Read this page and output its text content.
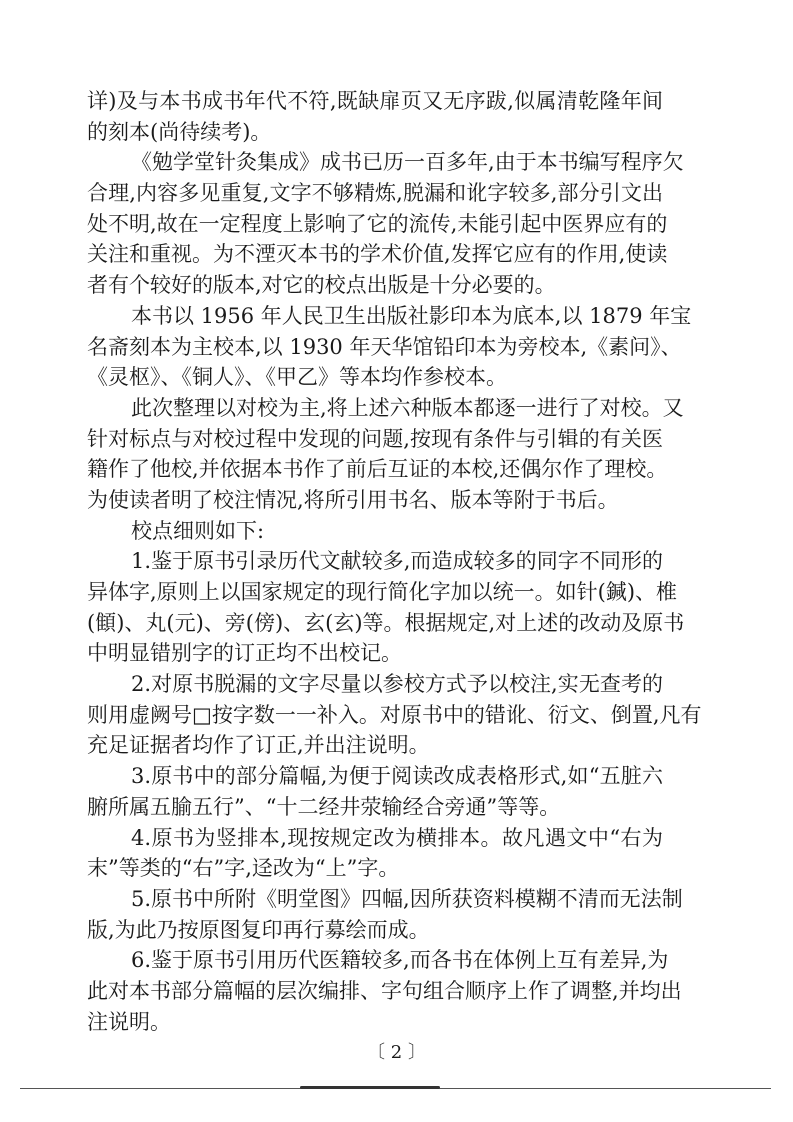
详)及与本书成书年代不符,既缺扉页又无序跋,似属清乾隆年间
的刻本(尚待续考)。
《勉学堂针灸集成》成书已历一百多年,由于本书编写程序欠
合理,内容多见重复,文字不够精炼,脱漏和讹字较多,部分引文出
处不明,故在一定程度上影响了它的流传,未能引起中医界应有的
关注和重视。为不湮灭本书的学术价值,发挥它应有的作用,使读
者有个较好的版本,对它的校点出版是十分必要的。
本书以 1956 年人民卫生出版社影印本为底本,以 1879 年宝
名斋刻本为主校本,以 1930 年天华馆铅印本为旁校本,《素问》、
《灵枢》、《铜人》、《甲乙》等本均作参校本。
此次整理以对校为主,将上述六种版本都逐一进行了对校。又
针对标点与对校过程中发现的问题,按现有条件与引辑的有关医
籍作了他校,并依据本书作了前后互证的本校,还偶尔作了理校。
为使读者明了校注情况,将所引用书名、版本等附于书后。
校点细则如下:
1.鉴于原书引录历代文献较多,而造成较多的同字不同形的
异体字,原则上以国家规定的现行简化字加以统一。如针(鍼)、椎
(顀)、丸(元)、旁(傍)、玄(玄)等。根据规定,对上述的改动及原书
中明显错别字的订正均不出校记。
2.对原书脱漏的文字尽量以参校方式予以校注,实无查考的
则用虚阙号□按字数一一补入。对原书中的错讹、衍文、倒置,凡有
充足证据者均作了订正,并出注说明。
3.原书中的部分篇幅,为便于阅读改成表格形式,如“五脏六
腑所属五腧五行”、“十二经井荥输经合旁通”等等。
4.原书为竖排本,现按规定改为横排本。故凡遇文中“右为
末”等类的“右”字,迳改为“上”字。
5.原书中所附《明堂图》四幅,因所获资料模糊不清而无法制
版,为此乃按原图复印再行募绘而成。
6.鉴于原书引用历代医籍较多,而各书在体例上互有差异,为
此对本书部分篇幅的层次编排、字句组合顺序上作了调整,并均出
注说明。
〔 2 〕
